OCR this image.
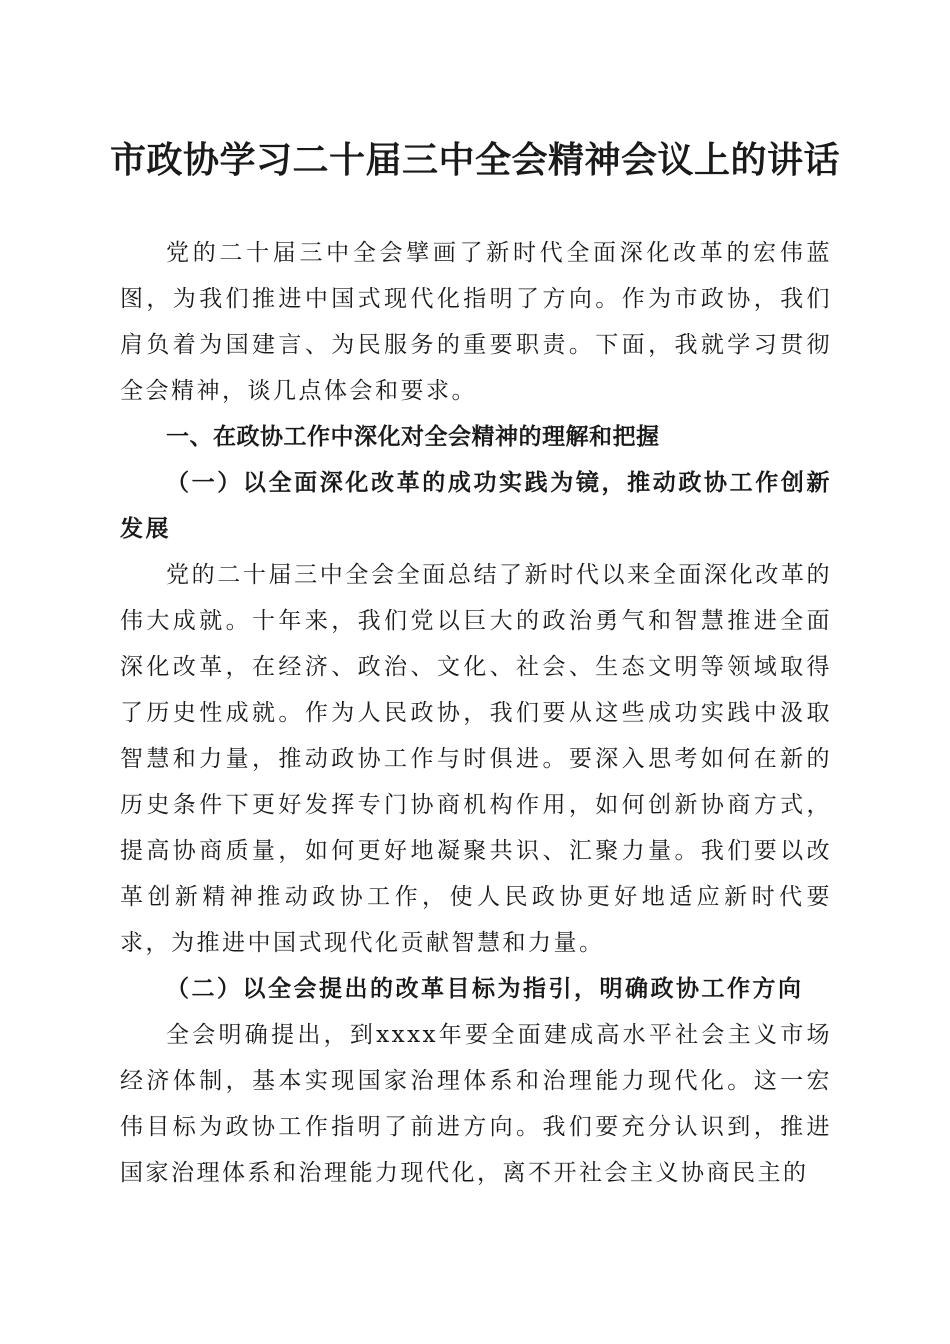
市政协学习二十届三中全会精神会议上的讲话

党的二十届三中全会擘画了新时代全面深化改革的宏伟蓝图，为我们推进中国式现代化指明了方向。作为市政协，我们肩负着为国建言、为民服务的重要职责。下面，我就学习贯彻全会精神，谈几点体会和要求。

一、在政协工作中深化对全会精神的理解和把握

（一）以全面深化改革的成功实践为镜，推动政协工作创新发展

党的二十届三中全会全面总结了新时代以来全面深化改革的伟大成就。十年来，我们党以巨大的政治勇气和智慧推进全面深化改革，在经济、政治、文化、社会、生态文明等领域取得了历史性成就。作为人民政协，我们要从这些成功实践中汲取智慧和力量，推动政协工作与时俱进。要深入思考如何在新的历史条件下更好发挥专门协商机构作用，如何创新协商方式，提高协商质量，如何更好地凝聚共识、汇聚力量。我们要以改革创新精神推动政协工作，使人民政协更好地适应新时代要求，为推进中国式现代化贡献智慧和力量。

（二）以全会提出的改革目标为指引，明确政协工作方向

全会明确提出，到xxxx年要全面建成高水平社会主义市场经济体制，基本实现国家治理体系和治理能力现代化。这一宏伟目标为政协工作指明了前进方向。我们要充分认识到，推进国家治理体系和治理能力现代化，离不开社会主义协商民主的
